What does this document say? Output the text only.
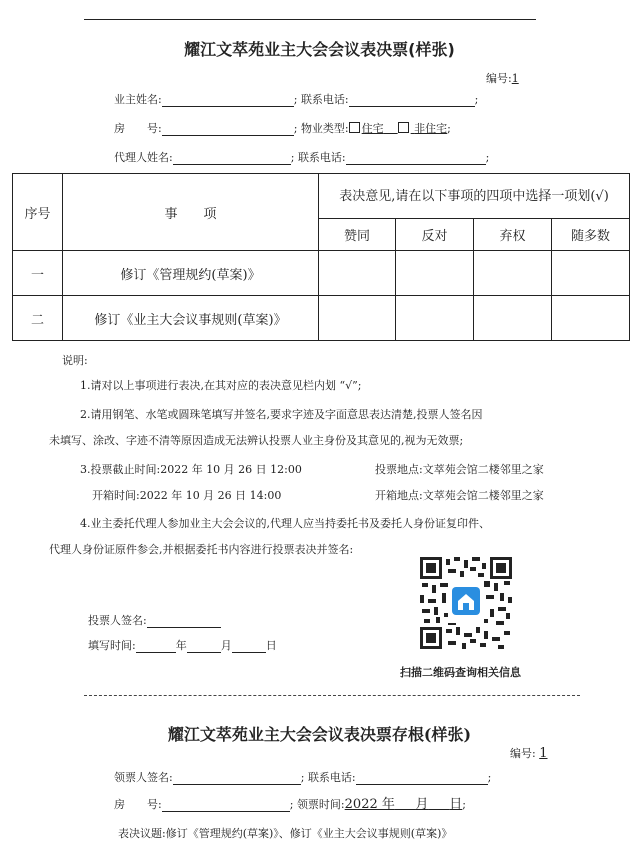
耀江文萃苑业主大会会议表决票(样张)
编号:1
业主姓名:	; 联系电话:	;
房　　号:	; 物业类型: 住宅	非住宅;
代理人姓名:	; 联系电话:	;
序号	事　　项	表决意见,请在以下事项的四项中选择一项划(√)			
		赞同	反对	弃权	随多数
一	修订《管理规约(草案)》				
二	修订《业主大会议事规则(草案)》				
说明:
1.请对以上事项进行表决,在其对应的表决意见栏内划 “√”;
2.请用钢笔、水笔或圆珠笔填写并签名,要求字迹及字面意思表达清楚,投票人签名因
未填写、涂改、字迹不清等原因造成无法辨认投票人业主身份及其意见的,视为无效票;
3.投票截止时间:2022 年 10 月 26 日 12:00	投票地点:文萃苑会馆二楼邻里之家
开箱时间:2022 年 10 月 26 日 14:00	开箱地点:文萃苑会馆二楼邻里之家
4.业主委托代理人参加业主大会会议的,代理人应当持委托书及委托人身份证复印件、
代理人身份证原件参会,并根据委托书内容进行投票表决并签名:
投票人签名:
填写时间:	年	月	日
扫描二维码查询相关信息
耀江文萃苑业主大会会议表决票存根(样张)
编号: 1
领票人签名:	; 联系电话:	;
房　　号:	; 领票时间:2022 年 月 日;
表决议题:修订《管理规约(草案)》、修订《业主大会议事规则(草案)》
